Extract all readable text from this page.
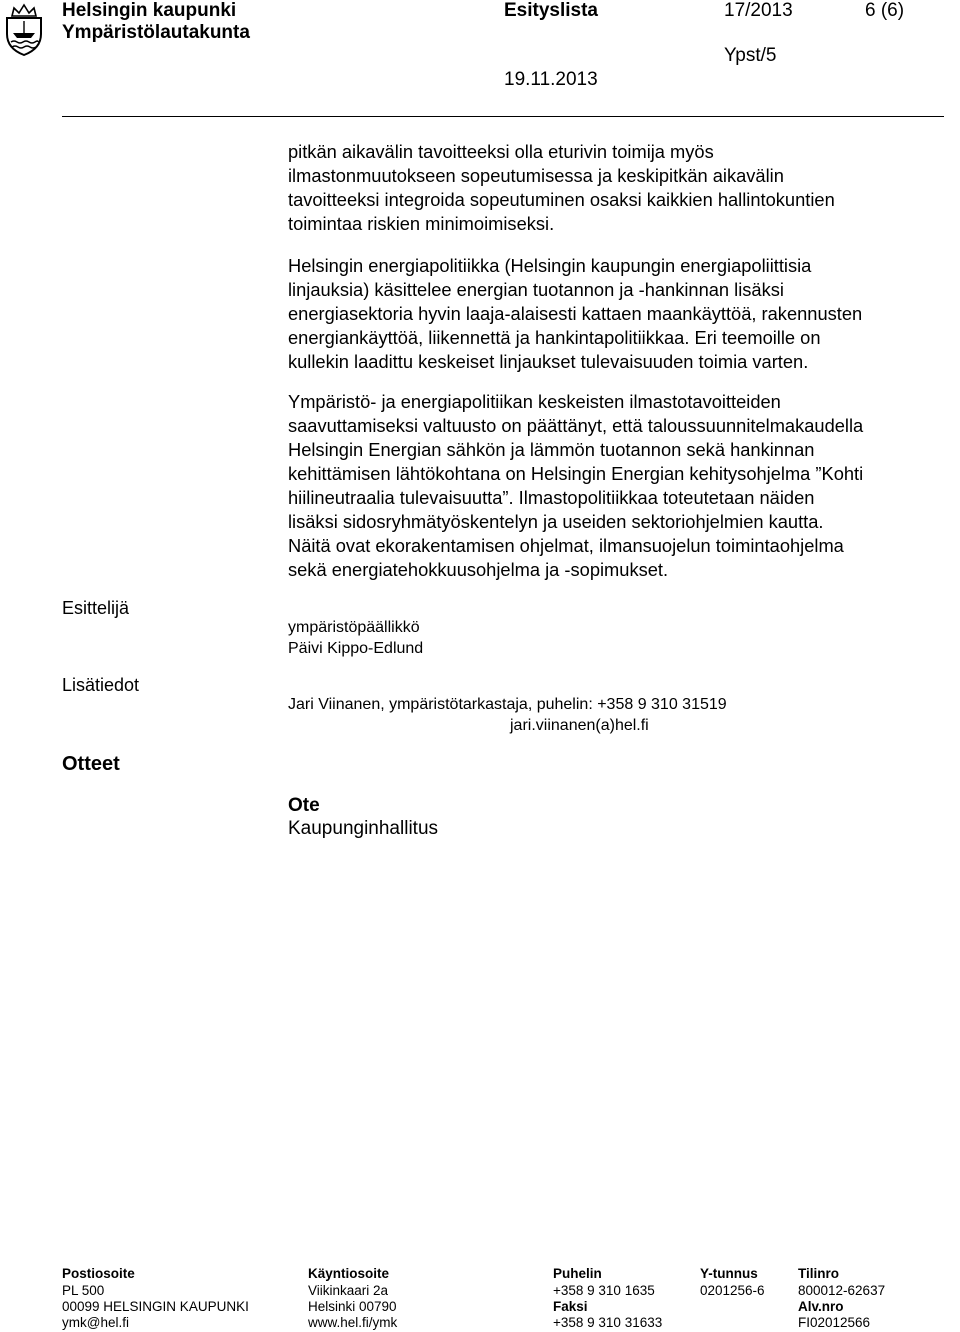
Helsingin kaupunki
Ympäristölautakunta
Esityslista	17/2013	6 (6)
Ypst/5
19.11.2013

pitkän aikavälin tavoitteeksi olla eturivin toimija myös

ilmastonmuutokseen sopeutumisessa ja keskipitkän aikavälin

tavoitteeksi integroida sopeutuminen osaksi kaikkien hallintokuntien

toimintaa riskien minimoimiseksi.

Helsingin energiapolitiikka (Helsingin kaupungin energiapoliittisia

linjauksia) käsittelee energian tuotannon ja -hankinnan lisäksi

energiasektoria hyvin laaja-alaisesti kattaen maankäyttöä, rakennusten

energiankäyttöä, liikennettä ja hankintapolitiikkaa. Eri teemoille on

kullekin laadittu keskeiset linjaukset tulevaisuuden toimia varten.

Ympäristö- ja energiapolitiikan keskeisten ilmastotavoitteiden

saavuttamiseksi valtuusto on päättänyt, että taloussuunnitelmakaudella

Helsingin Energian sähkön ja lämmön tuotannon sekä hankinnan

kehittämisen lähtökohtana on Helsingin Energian kehitysohjelma ”Kohti

hiilineutraalia tulevaisuutta”. Ilmastopolitiikkaa toteutetaan näiden

lisäksi sidosryhmätyöskentelyn ja useiden sektoriohjelmien kautta.

Näitä ovat ekorakentamisen ohjelmat, ilmansuojelun toimintaohjelma

sekä energiatehokkuusohjelma ja -sopimukset.

Esittelijä
ympäristöpäällikkö
Päivi Kippo-Edlund
Lisätiedot
Jari Viinanen, ympäristötarkastaja, puhelin: +358 9 310 31519
jari.viinanen(a)hel.fi
Otteet
Ote
Kaupunginhallitus
Postiosoite
PL 500
00099 HELSINGIN KAUPUNKI
ymk@hel.fi
Käyntiosoite
Viikinkaari 2a
Helsinki 00790
www.hel.fi/ymk
Puhelin
+358 9 310 1635
Faksi
+358 9 310 31633
Y-tunnus
0201256-6
Tilinro
800012-62637
Alv.nro
FI02012566
